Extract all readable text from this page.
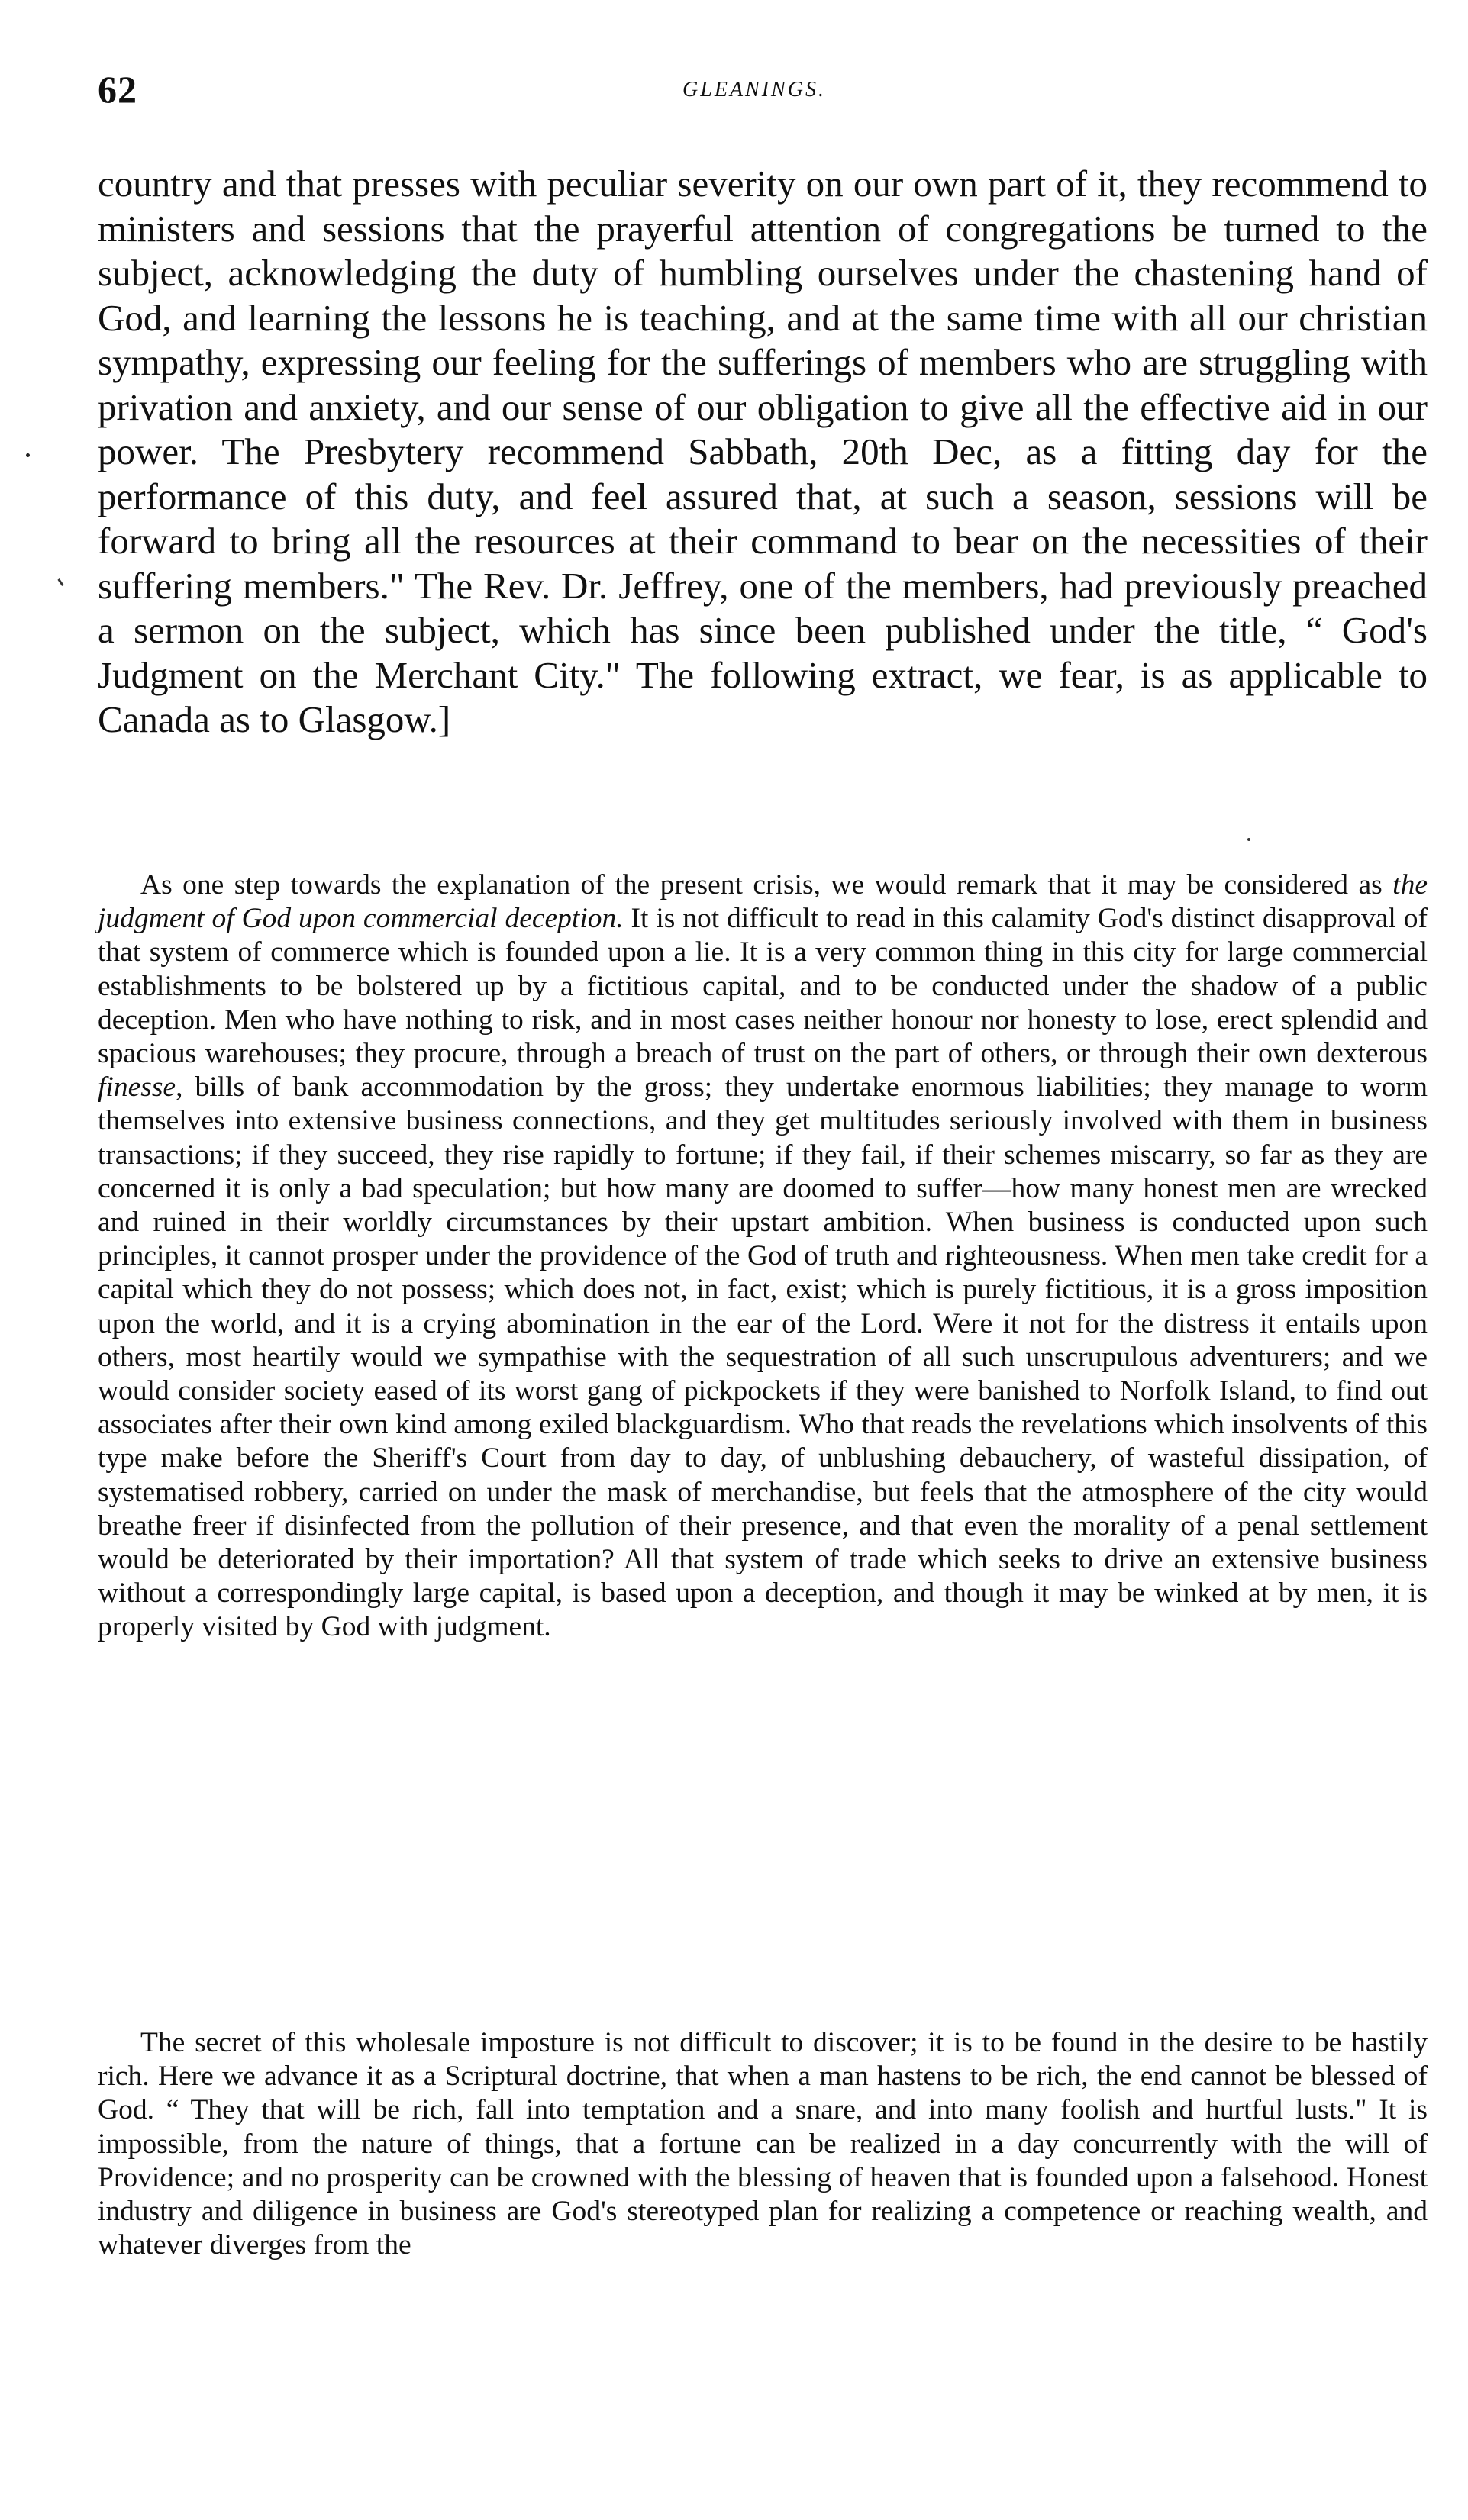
62	GLEANINGS.

country and that presses with peculiar severity on our own part of it, they recommend to ministers and sessions that the prayerful attention of congregations be turned to the subject, acknowledging the duty of humbling ourselves under the chastening hand of God, and learning the lessons he is teaching, and at the same time with all our christian sympathy, expressing our feeling for the sufferings of members who are struggling with privation and anxiety, and our sense of our obligation to give all the effective aid in our power. The Presbytery recommend Sabbath, 20th Dec, as a fitting day for the performance of this duty, and feel assured that, at such a season, sessions will be forward to bring all the resources at their command to bear on the necessities of their suffering members." The Rev. Dr. Jeffrey, one of the members, had previously preached a sermon on the subject, which has since been published under the title, “ God's Judgment on the Merchant City." The following extract, we fear, is as applicable to Canada as to Glasgow.]

As one step towards the explanation of the present crisis, we would remark that it may be considered as the judgment of God upon commercial deception. It is not difficult to read in this calamity God's distinct disapproval of that system of commerce which is founded upon a lie. It is a very common thing in this city for large commercial establishments to be bolstered up by a fictitious capital, and to be conducted under the shadow of a public deception. Men who have nothing to risk, and in most cases neither honour nor honesty to lose, erect splendid and spacious warehouses; they procure, through a breach of trust on the part of others, or through their own dexterous finesse, bills of bank accommodation by the gross; they undertake enormous liabilities; they manage to worm themselves into extensive business connections, and they get multitudes seriously involved with them in business transactions; if they succeed, they rise rapidly to fortune; if they fail, if their schemes miscarry, so far as they are concerned it is only a bad speculation; but how many are doomed to suffer—how many honest men are wrecked and ruined in their worldly circumstances by their upstart ambition. When business is conducted upon such principles, it cannot prosper under the providence of the God of truth and righteousness. When men take credit for a capital which they do not possess; which does not, in fact, exist; which is purely fictitious, it is a gross imposition upon the world, and it is a crying abomination in the ear of the Lord. Were it not for the distress it entails upon others, most heartily would we sympathise with the sequestration of all such unscrupulous adventurers; and we would consider society eased of its worst gang of pickpockets if they were banished to Norfolk Island, to find out associates after their own kind among exiled blackguardism. Who that reads the revelations which insolvents of this type make before the Sheriff's Court from day to day, of unblushing debauchery, of wasteful dissipation, of systematised robbery, carried on under the mask of merchandise, but feels that the atmosphere of the city would breathe freer if disinfected from the pollution of their presence, and that even the morality of a penal settlement would be deteriorated by their importation? All that system of trade which seeks to drive an extensive business without a correspondingly large capital, is based upon a deception, and though it may be winked at by men, it is properly visited by God with judgment.

The secret of this wholesale imposture is not difficult to discover; it is to be found in the desire to be hastily rich. Here we advance it as a Scriptural doctrine, that when a man hastens to be rich, the end cannot be blessed of God. “ They that will be rich, fall into temptation and a snare, and into many foolish and hurtful lusts." It is impossible, from the nature of things, that a fortune can be realized in a day concurrently with the will of Providence; and no prosperity can be crowned with the blessing of heaven that is founded upon a falsehood. Honest industry and diligence in business are God's stereotyped plan for realizing a competence or reaching wealth, and whatever diverges from the
